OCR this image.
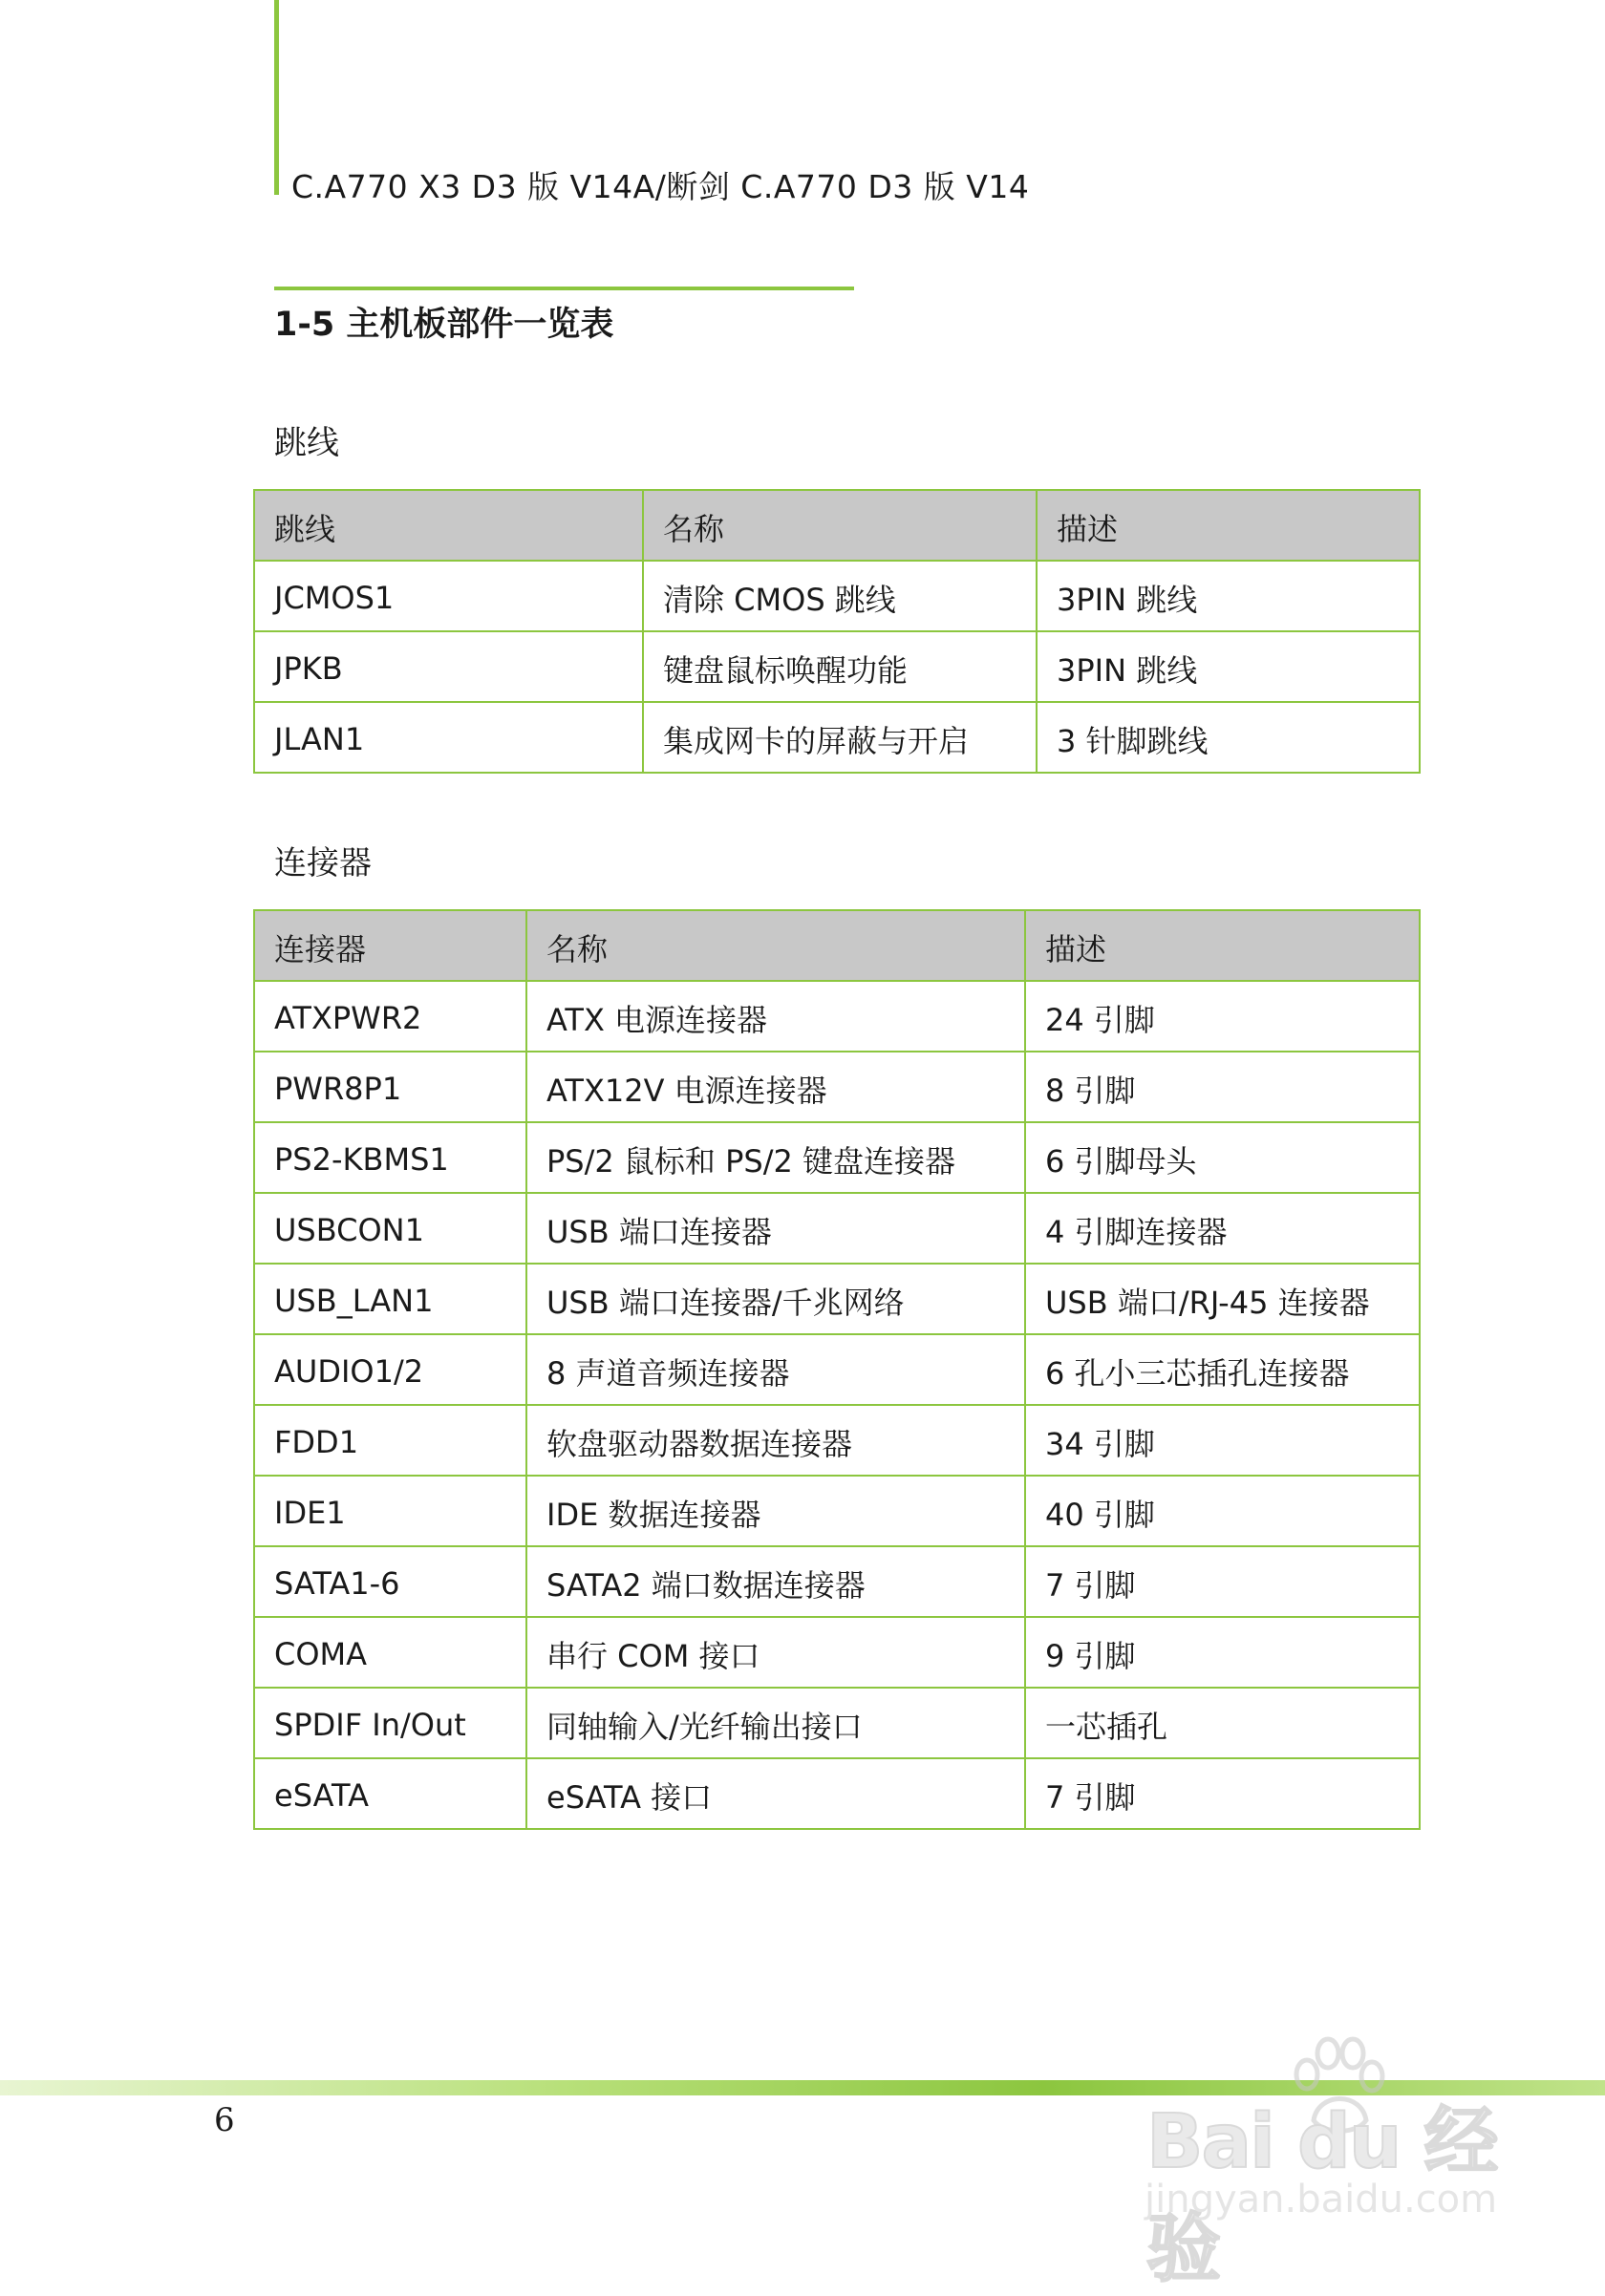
C.A770 X3 D3 版 V14A/断剑 C.A770 D3 版 V14
1-5 主机板部件一览表
跳线
跳线	名称	描述
JCMOS1	清除 CMOS 跳线	3PIN 跳线
JPKB	键盘鼠标唤醒功能	3PIN 跳线
JLAN1	集成网卡的屏蔽与开启	3 针脚跳线
连接器
连接器	名称	描述
ATXPWR2	ATX 电源连接器	24 引脚
PWR8P1	ATX12V 电源连接器	8 引脚
PS2-KBMS1	PS/2 鼠标和 PS/2 键盘连接器	6 引脚母头
USBCON1	USB 端口连接器	4 引脚连接器
USB_LAN1	USB 端口连接器/千兆网络	USB 端口/RJ-45 连接器
AUDIO1/2	8 声道音频连接器	6 孔小三芯插孔连接器
FDD1	软盘驱动器数据连接器	34 引脚
IDE1	IDE 数据连接器	40 引脚
SATA1-6	SATA2 端口数据连接器	7 引脚
COMA	串行 COM 接口	9 引脚
SPDIF In/Out	同轴输入/光纤输出接口	一芯插孔
eSATA	eSATA 接口	7 引脚
6	Bai du 经验
jingyan.baidu.com
